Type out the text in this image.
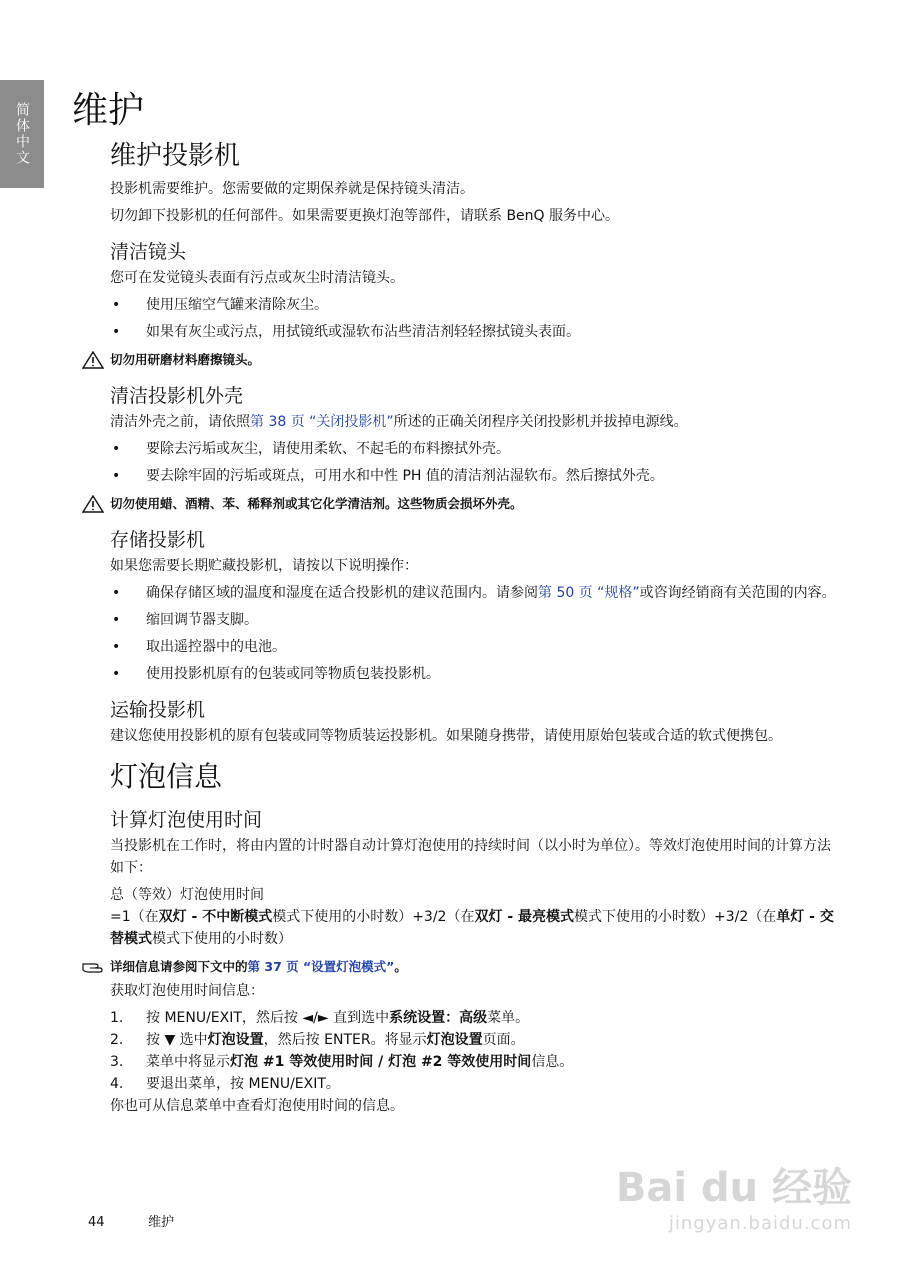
简体中文	维护
维护投影机

投影机需要维护。您需要做的定期保养就是保持镜头清洁。

切勿卸下投影机的任何部件。如果需要更换灯泡等部件，请联系 BenQ 服务中心。

清洁镜头

您可在发觉镜头表面有污点或灰尘时清洁镜头。

• 使用压缩空气罐来清除灰尘。
• 如果有灰尘或污点，用拭镜纸或湿软布沾些清洁剂轻轻擦拭镜头表面。
切勿用研磨材料磨擦镜头。
清洁投影机外壳

清洁外壳之前，请依照第 38 页 “关闭投影机”所述的正确关闭程序关闭投影机并拔掉电源线。

• 要除去污垢或灰尘，请使用柔软、不起毛的布料擦拭外壳。
• 要去除牢固的污垢或斑点，可用水和中性 PH 值的清洁剂沾湿软布。然后擦拭外壳。
切勿使用蜡、酒精、苯、稀释剂或其它化学清洁剂。这些物质会损坏外壳。
存储投影机

如果您需要长期贮藏投影机，请按以下说明操作：

• 确保存储区域的温度和湿度在适合投影机的建议范围内。请参阅第 50 页 “规格”或咨询经销商有关范围的内容。
• 缩回调节器支脚。
• 取出遥控器中的电池。
• 使用投影机原有的包装或同等物质包装投影机。
运输投影机

建议您使用投影机的原有包装或同等物质装运投影机。如果随身携带，请使用原始包装或合适的软式便携包。

灯泡信息
计算灯泡使用时间

当投影机在工作时，将由内置的计时器自动计算灯泡使用的持续时间（以小时为单位）。等效灯泡使用时间的计算方法如下：

总（等效）灯泡使用时间

=1（在双灯 - 不中断模式模式下使用的小时数）+3/2（在双灯 - 最亮模式模式下使用的小时数）+3/2（在单灯 - 交替模式模式下使用的小时数）

详细信息请参阅下文中的第 37 页 “设置灯泡模式”。

获取灯泡使用时间信息：

1. 按 MENU/EXIT，然后按 ◄/► 直到选中系统设置：高级菜单。
2. 按 ▼ 选中灯泡设置，然后按 ENTER。将显示灯泡设置页面。
3. 菜单中将显示灯泡 #1 等效使用时间 / 灯泡 #2 等效使用时间信息。
4. 要退出菜单，按 MENU/EXIT。

你也可从信息菜单中查看灯泡使用时间的信息。

44	维护
Bai du 经验
jingyan.baidu.com
